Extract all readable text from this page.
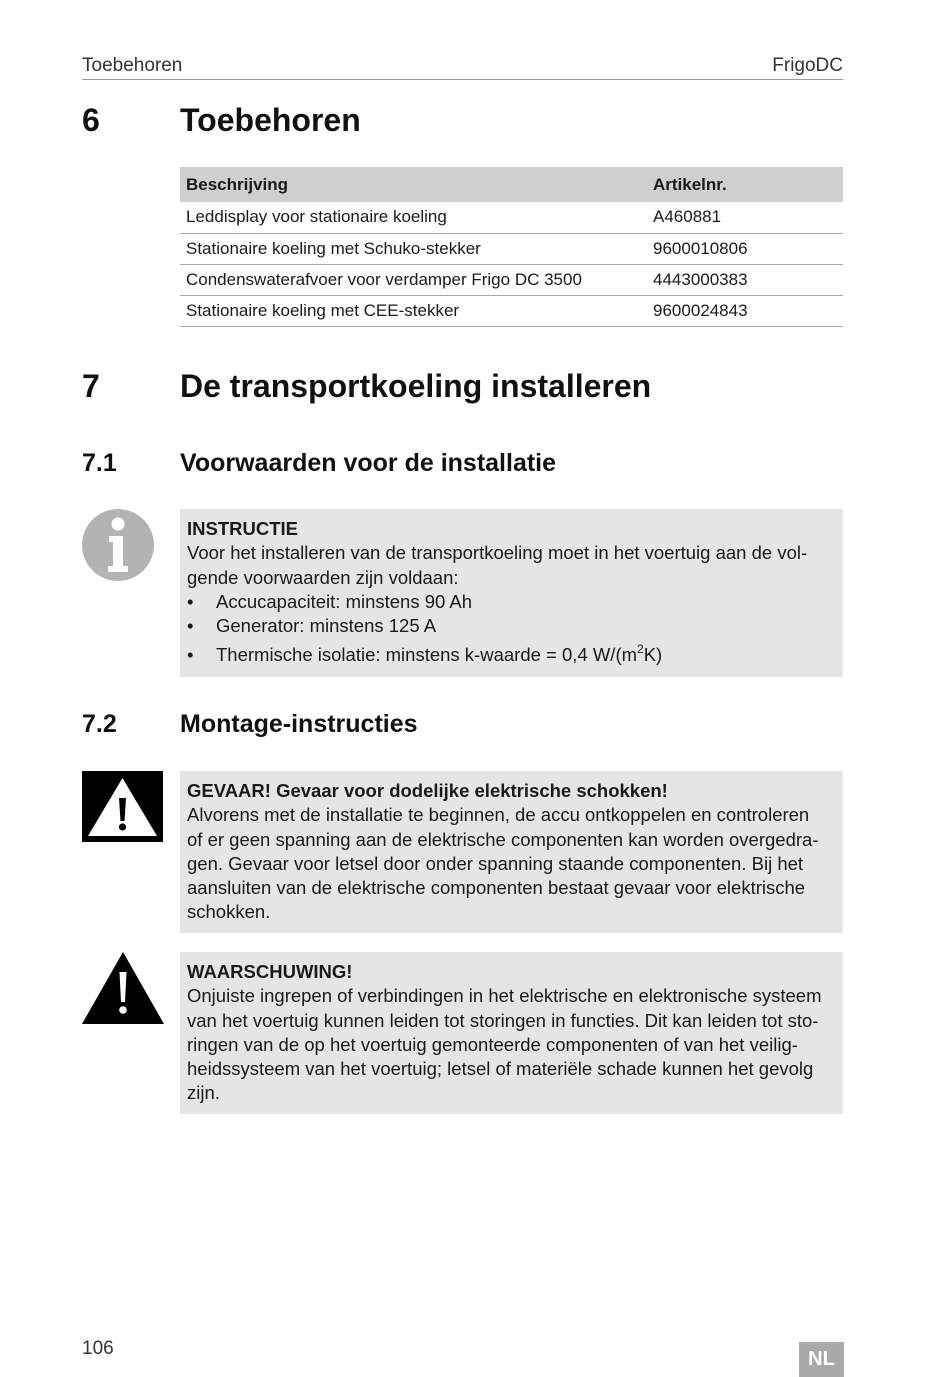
Toebehoren	FrigoDC
6	Toebehoren
Beschrijving	Artikelnr.
Leddisplay voor stationaire koeling	A460881
Stationaire koeling met Schuko-stekker	9600010806
Condenswaterafvoer voor verdamper Frigo DC 3500	4443000383
Stationaire koeling met CEE-stekker	9600024843
7	De transportkoeling installeren
7.1	Voorwaarden voor de installatie
INSTRUCTIE
Voor het installeren van de transportkoeling moet in het voertuig aan de vol-
gende voorwaarden zijn voldaan:
• Accucapaciteit: minstens 90 Ah
• Generator: minstens 125 A
• Thermische isolatie: minstens k-waarde = 0,4 $W/(m^2K)$
7.2	Montage-instructies
GEVAAR! Gevaar voor dodelijke elektrische schokken!
Alvorens met de installatie te beginnen, de accu ontkoppelen en controleren
of er geen spanning aan de elektrische componenten kan worden overgedra-
gen. Gevaar voor letsel door onder spanning staande componenten. Bij het
aansluiten van de elektrische componenten bestaat gevaar voor elektrische
schokken.
WAARSCHUWING!
Onjuiste ingrepen of verbindingen in het elektrische en elektronische systeem
van het voertuig kunnen leiden tot storingen in functies. Dit kan leiden tot sto-
ringen van de op het voertuig gemonteerde componenten of van het veilig-
heidssysteem van het voertuig; letsel of materiële schade kunnen het gevolg
zijn.
106	NL
